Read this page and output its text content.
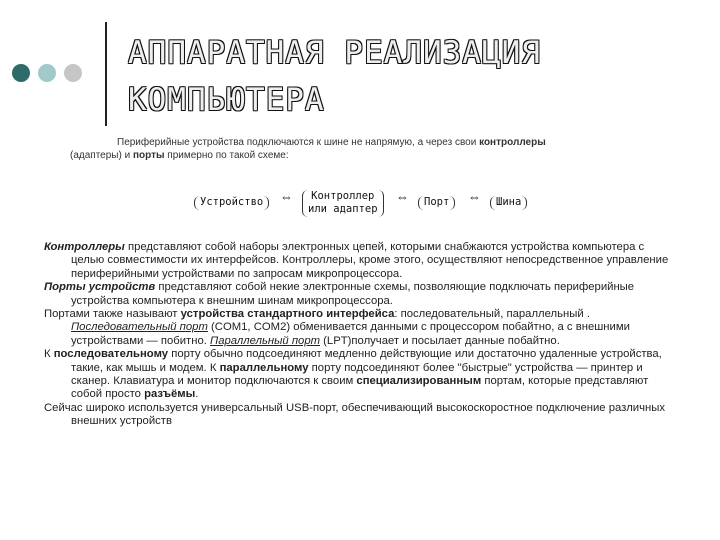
АППАРАТНАЯ РЕАЛИЗАЦИЯ
КОМПЬЮТЕРА
Периферийные устройства подключаются к шине не напрямую, а через свои контроллеры
(адаптеры) и порты примерно по такой схеме:
Устройство	⇔	Контроллер
или адаптер
⇔	Порт	⇔	Шина

Контроллеры представляют собой наборы электронных цепей, которыми снабжаются устройства компьютера с целью совместимости их интерфейсов. Контроллеры, кроме этого, осуществляют непосредственное управление периферийными устройствами по запросам микропроцессора.

Порты устройств представляют собой некие электронные схемы, позволяющие подключать периферийные устройства компьютера к внешним шинам микропроцессора.

Портами также называют устройства стандартного интерфейса: последовательный, параллельный . Последовательный порт (COM1, COM2) обменивается данными с процессором побайтно, а с внешними устройствами — побитно. Параллельный порт (LPT)получает и посылает данные побайтно.

К последовательному порту обычно подсоединяют медленно действующие или достаточно удаленные устройства, такие, как мышь и модем. К параллельному порту подсоединяют более "быстрые" устройства — принтер и сканер. Клавиатура и монитор подключаются к своим специализированным портам, которые представляют собой просто разъёмы.

Сейчас широко используется универсальный USB-порт, обеспечивающий высокоскоростное подключение различных внешних устройств
